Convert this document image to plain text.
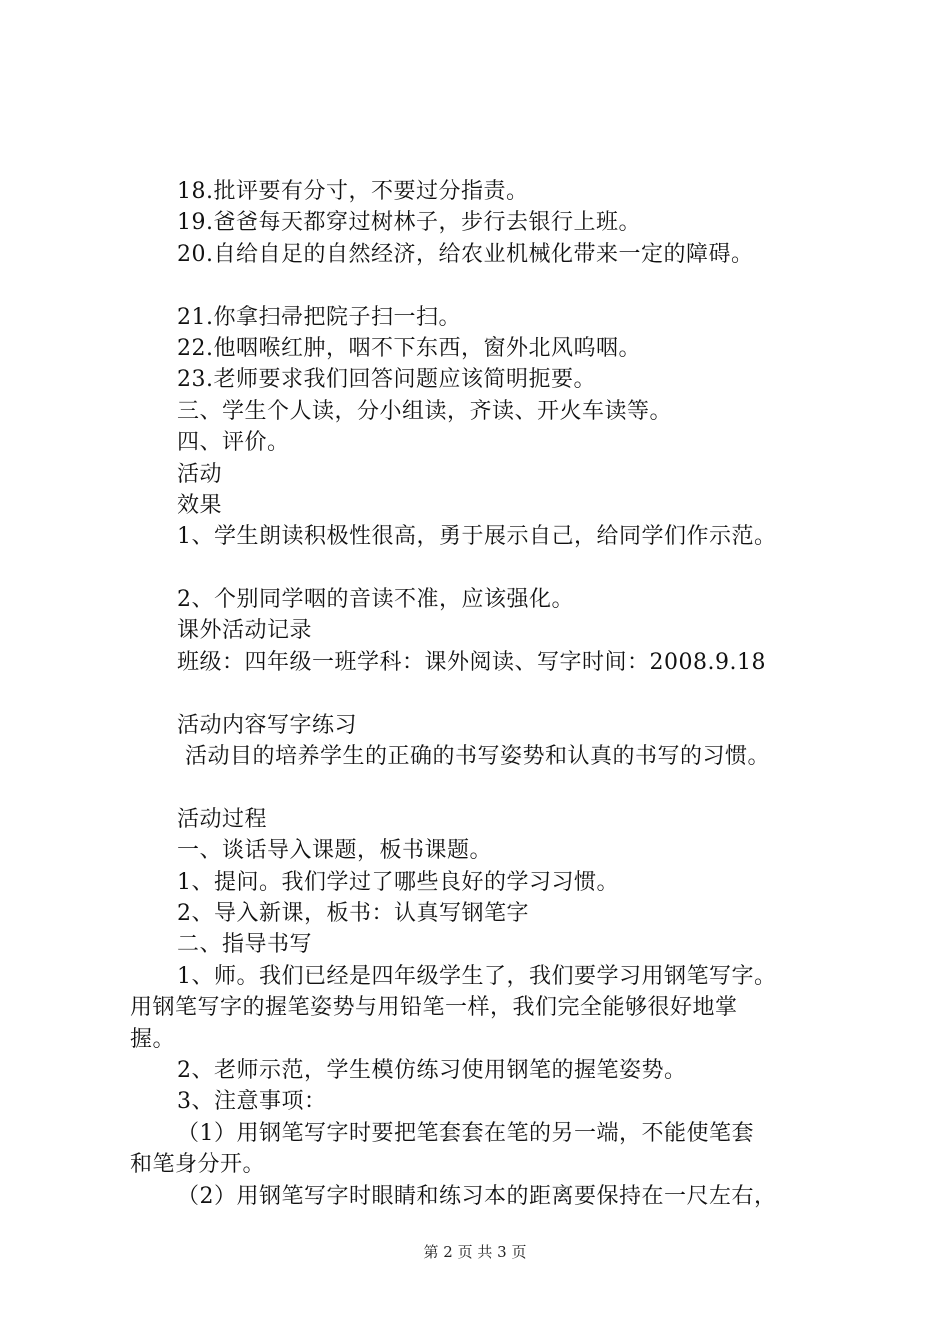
18.批评要有分寸，不要过分指责。
19.爸爸每天都穿过树林子，步行去银行上班。
20.自给自足的自然经济，给农业机械化带来一定的障碍。
21.你拿扫帚把院子扫一扫。
22.他咽喉红肿，咽不下东西，窗外北风呜咽。
23.老师要求我们回答问题应该简明扼要。
三、学生个人读，分小组读，齐读、开火车读等。
四、评价。
活动
效果
1、学生朗读积极性很高，勇于展示自己，给同学们作示范。
2、个别同学咽的音读不准，应该强化。
课外活动记录
班级：四年级一班学科：课外阅读、写字时间：2008.9.18
活动内容写字练习
活动目的培养学生的正确的书写姿势和认真的书写的习惯。
活动过程
一、谈话导入课题，板书课题。
1、提问。我们学过了哪些良好的学习习惯。
2、导入新课，板书：认真写钢笔字
二、指导书写
1、师。我们已经是四年级学生了，我们要学习用钢笔写字。
用钢笔写字的握笔姿势与用铅笔一样，我们完全能够很好地掌
握。
2、老师示范，学生模仿练习使用钢笔的握笔姿势。
3、注意事项：
（1）用钢笔写字时要把笔套套在笔的另一端，不能使笔套
和笔身分开。
（2）用钢笔写字时眼睛和练习本的距离要保持在一尺左右，
第 2 页 共 3 页
